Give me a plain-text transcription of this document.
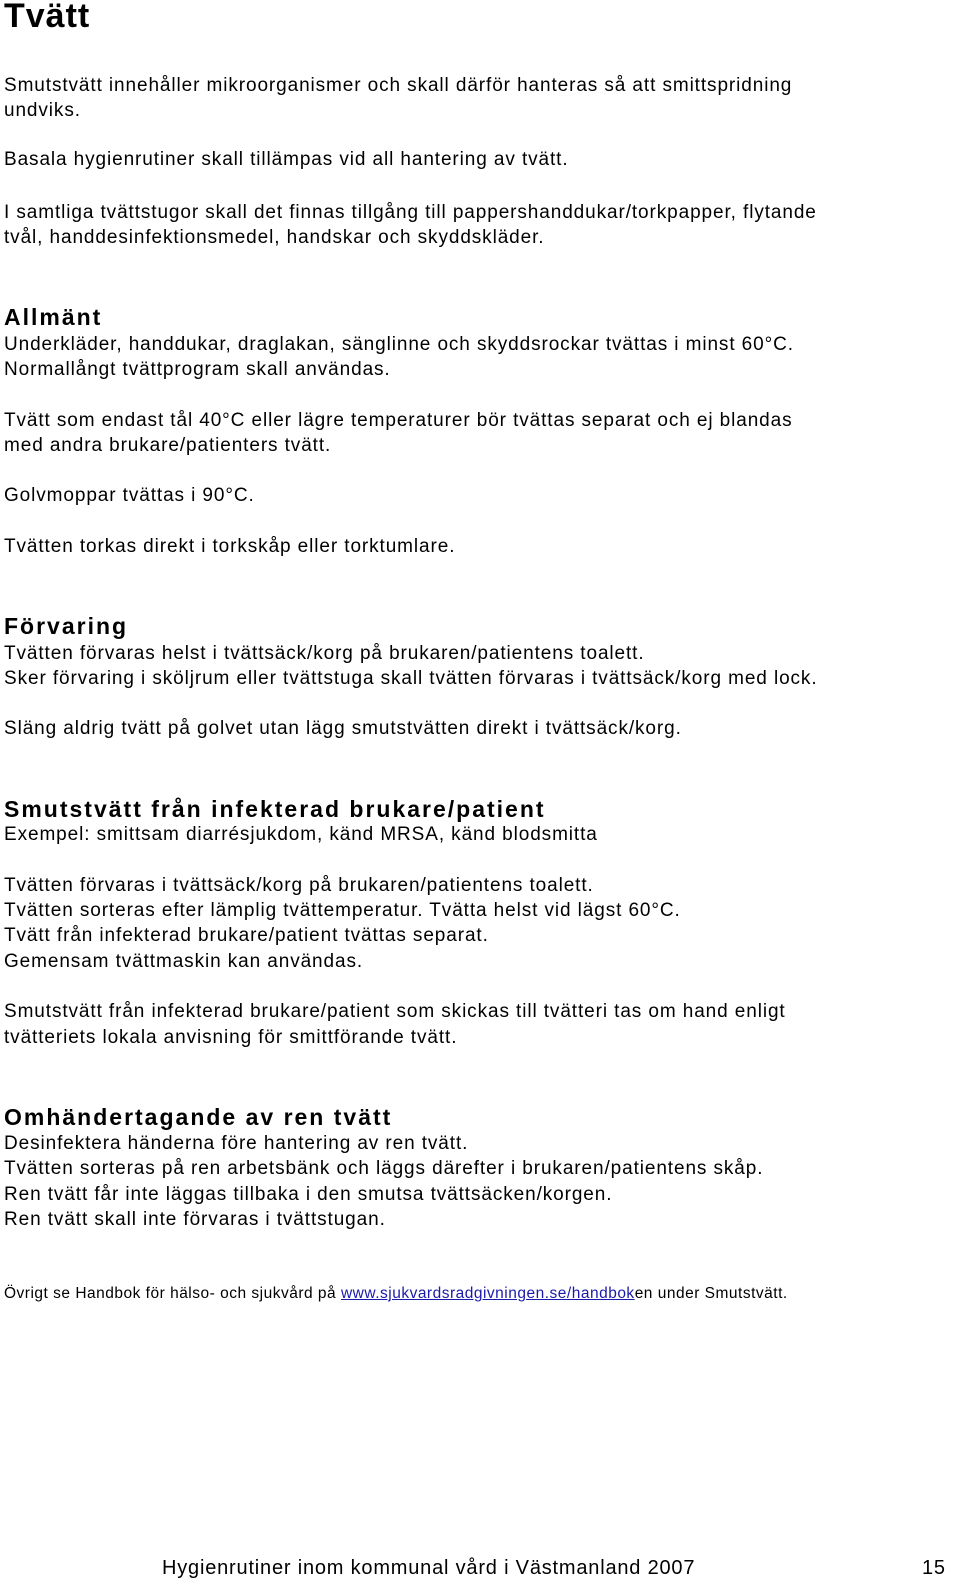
Tvätt
Smutstvätt innehåller mikroorganismer och skall därför hanteras så att smittspridning
undviks.
Basala hygienrutiner skall tillämpas vid all hantering av tvätt.
I samtliga tvättstugor skall det finnas tillgång till pappershanddukar/torkpapper, flytande
tvål, handdesinfektionsmedel, handskar och skyddskläder.
Allmänt
Underkläder, handdukar, draglakan, sänglinne och skyddsrockar tvättas i minst 60°C.
Normallångt tvättprogram skall användas.
Tvätt som endast tål 40°C eller lägre temperaturer bör tvättas separat och ej blandas
med andra brukare/patienters tvätt.
Golvmoppar tvättas i 90°C.
Tvätten torkas direkt i torkskåp eller torktumlare.
Förvaring
Tvätten förvaras helst i tvättsäck/korg på brukaren/patientens toalett.
Sker förvaring i sköljrum eller tvättstuga skall tvätten förvaras i tvättsäck/korg med lock.
Släng aldrig tvätt på golvet utan lägg smutstvätten direkt i tvättsäck/korg.
Smutstvätt från infekterad brukare/patient
Exempel: smittsam diarrésjukdom, känd MRSA, känd blodsmitta
Tvätten förvaras i tvättsäck/korg på brukaren/patientens toalett.
Tvätten sorteras efter lämplig tvättemperatur. Tvätta helst vid lägst 60°C.
Tvätt från infekterad brukare/patient tvättas separat.
Gemensam tvättmaskin kan användas.
Smutstvätt från infekterad brukare/patient som skickas till tvätteri tas om hand enligt
tvätteriets lokala anvisning för smittförande tvätt.
Omhändertagande av ren tvätt
Desinfektera händerna före hantering av ren tvätt.
Tvätten sorteras på ren arbetsbänk och läggs därefter i brukaren/patientens skåp.
Ren tvätt får inte läggas tillbaka i den smutsa tvättsäcken/korgen.
Ren tvätt skall inte förvaras i tvättstugan.
Övrigt se Handbok för hälso- och sjukvård på www.sjukvardsradgivningen.se/handboken under Smutstvätt.
Hygienrutiner inom kommunal vård i Västmanland 2007	15
